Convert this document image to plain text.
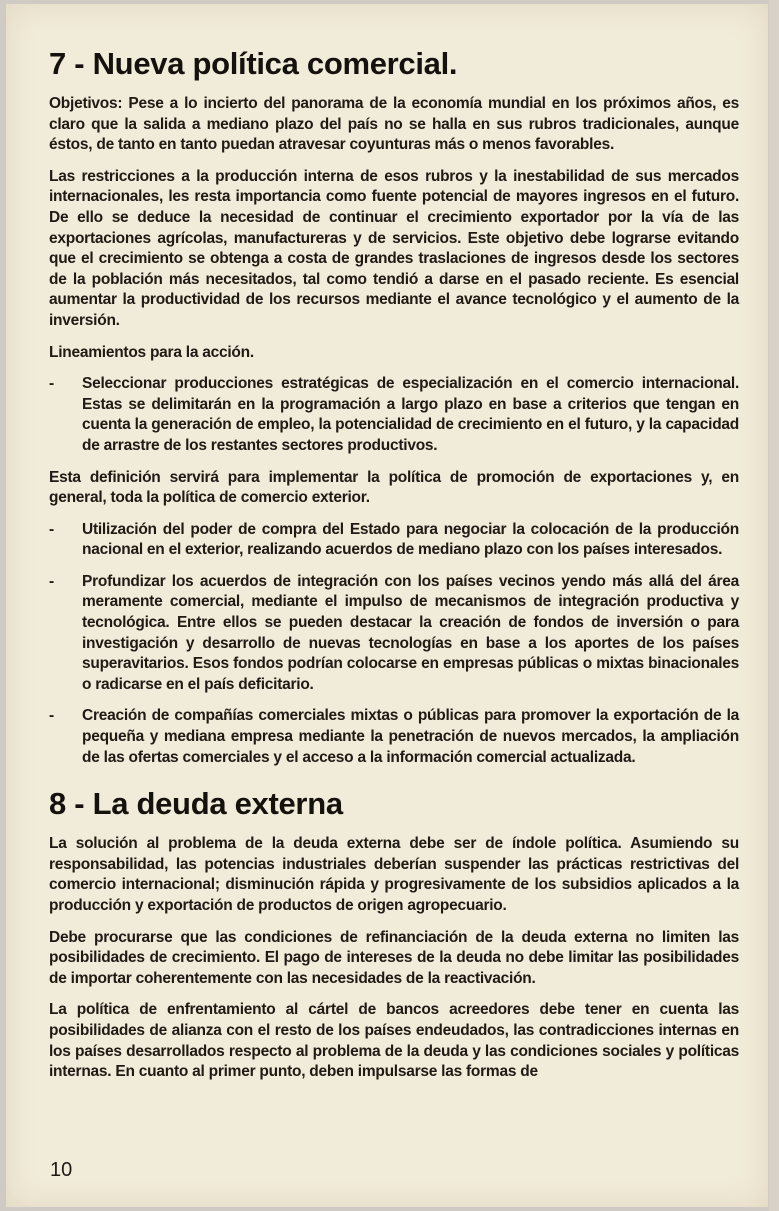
7 - Nueva política comercial.

Objetivos: Pese a lo incierto del panorama de la economía mundial en los próximos años, es claro que la salida a mediano plazo del país no se halla en sus rubros tradicionales, aunque éstos, de tanto en tanto puedan atravesar coyunturas más o menos favorables.

Las restricciones a la producción interna de esos rubros y la inestabilidad de sus mercados internacionales, les resta importancia como fuente potencial de mayores ingresos en el futuro. De ello se deduce la necesidad de continuar el crecimiento exportador por la vía de las exportaciones agrícolas, manufactureras y de servicios. Este objetivo debe lograrse evitando que el crecimiento se obtenga a costa de grandes traslaciones de ingresos desde los sectores de la población más necesitados, tal como tendió a darse en el pasado reciente. Es esencial aumentar la productividad de los recursos mediante el avance tecnológico y el aumento de la inversión.

Lineamientos para la acción.

- Seleccionar producciones estratégicas de especialización en el comercio internacional. Estas se delimitarán en la programación a largo plazo en base a criterios que tengan en cuenta la generación de empleo, la potencialidad de crecimiento en el futuro, y la capacidad de arrastre de los restantes sectores productivos.

Esta definición servirá para implementar la política de promoción de exportaciones y, en general, toda la política de comercio exterior.

- Utilización del poder de compra del Estado para negociar la colocación de la producción nacional en el exterior, realizando acuerdos de mediano plazo con los países interesados.
- Profundizar los acuerdos de integración con los países vecinos yendo más allá del área meramente comercial, mediante el impulso de mecanismos de integración productiva y tecnológica. Entre ellos se pueden destacar la creación de fondos de inversión o para investigación y desarrollo de nuevas tecnologías en base a los aportes de los países superavitarios. Esos fondos podrían colocarse en empresas públicas o mixtas binacionales o radicarse en el país deficitario.
- Creación de compañías comerciales mixtas o públicas para promover la exportación de la pequeña y mediana empresa mediante la penetración de nuevos mercados, la ampliación de las ofertas comerciales y el acceso a la información comercial actualizada.
8 - La deuda externa

La solución al problema de la deuda externa debe ser de índole política. Asumiendo su responsabilidad, las potencias industriales deberían suspender las prácticas restrictivas del comercio internacional; disminución rápida y progresivamente de los subsidios aplicados a la producción y exportación de productos de origen agropecuario.

Debe procurarse que las condiciones de refinanciación de la deuda externa no limiten las posibilidades de crecimiento. El pago de intereses de la deuda no debe limitar las posibilidades de importar coherentemente con las necesidades de la reactivación.

La política de enfrentamiento al cártel de bancos acreedores debe tener en cuenta las posibilidades de alianza con el resto de los países endeudados, las contradicciones internas en los países desarrollados respecto al problema de la deuda y las condiciones sociales y políticas internas. En cuanto al primer punto, deben impulsarse las formas de

10
